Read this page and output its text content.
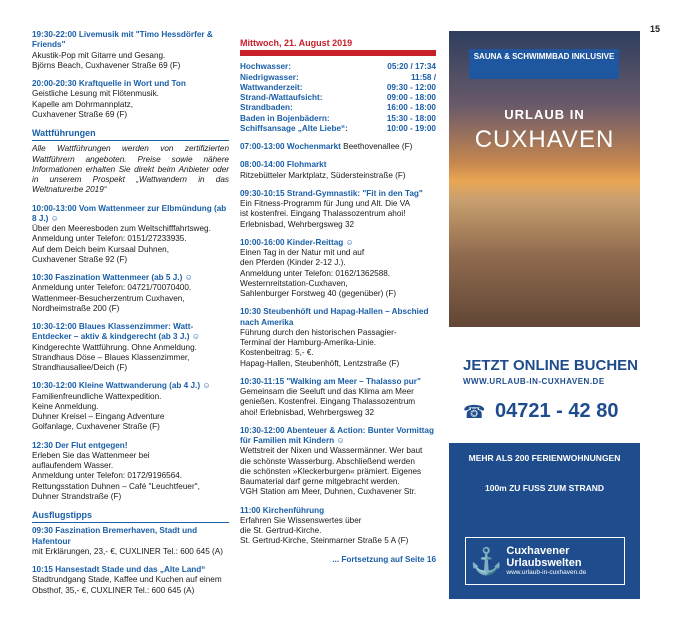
15
19:30-22:00 Livemusik mit "Timo Hessdörfer & Friends"
Akustik-Pop mit Gitarre und Gesang.
Björns Beach, Cuxhavener Straße 69 (F)
20:00-20:30 Kraftquelle in Wort und Ton
Geistliche Lesung mit Flötenmusik.
Kapelle am Dohrmannplatz,
Cuxhavener Straße 69 (F)
Wattführungen
Alle Wattführungen werden von zertifizierten Wattführern angeboten. Preise sowie nähere Informationen erhalten Sie direkt beim Anbieter oder in unserem Prospekt „Wattwandern in das Weltnaturerbe 2019“
10:00-13:00 Vom Wattenmeer zur Elbmündung (ab 8 J.) ☺
Über den Meeresboden zum Weltschifffahrtsweg.
Anmeldung unter Telefon: 0151/27233935.
Auf dem Deich beim Kursaal Duhnen,
Cuxhavener Straße 92 (F)
10:30 Faszination Wattenmeer (ab 5 J.) ☺
Anmeldung unter Telefon: 04721/70070400.
Wattenmeer-Besucherzentrum Cuxhaven,
Nordheimstraße 200 (F)
10:30-12:00 Blaues Klassenzimmer: Watt-Entdecker – aktiv & kindgerecht (ab 3 J.) ☺
Kindgerechte Wattführung. Ohne Anmeldung.
Strandhaus Döse – Blaues Klassenzimmer,
Strandhausallee/Deich (F)
10:30-12:00 Kleine Wattwanderung (ab 4 J.) ☺
Familienfreundliche Wattexpedition.
Keine Anmeldung.
Duhner Kreisel – Eingang Adventure
Golfanlage, Cuxhavener Straße (F)
12:30 Der Flut entgegen!
Erleben Sie das Wattenmeer bei
auflaufendem Wasser.
Anmeldung unter Telefon: 0172/9196564.
Rettungsstation Duhnen – Café "Leuchtfeuer",
Duhner Strandstraße (F)
Ausflugstipps
09:30 Faszination Bremerhaven, Stadt und Hafentour
mit Erklärungen, 23,- €, CUXLINER Tel.: 600 645 (A)
10:15 Hansestadt Stade und das „Alte Land“
Stadtrundgang Stade, Kaffee und Kuchen auf einem
Obsthof, 35,- €, CUXLINER Tel.: 600 645 (A)
Mittwoch, 21. August 2019
Hochwasser:	05:20 / 17:34
Niedrigwasser:	11:58 /
Wattwanderzeit:	09:30 - 12:00
Strand-/Wattaufsicht:	09:00 - 18:00
Strandbaden:	16:00 - 18:00
Baden in Bojenbädern:	15:30 - 18:00
Schiffsansage „Alte Liebe“:	10:00 - 19:00
07:00-13:00 Wochenmarkt Beethovenallee (F)
08:00-14:00 Flohmarkt
Ritzebütteler Marktplatz, Südersteinstraße (F)
09:30-10:15 Strand-Gymnastik: "Fit in den Tag"
Ein Fitness-Programm für Jung und Alt. Die VA
ist kostenfrei. Eingang Thalassozentrum ahoi!
Erlebnisbad, Wehrbergsweg 32
10:00-16:00 Kinder-Reittag ☺
Einen Tag in der Natur mit und auf
den Pferden (Kinder 2-12 J.).
Anmeldung unter Telefon: 0162/1362588.
Westernreitstation-Cuxhaven,
Sahlenburger Forstweg 40 (gegenüber) (F)
10:30 Steubenhöft und Hapag-Hallen – Abschied nach Amerika
Führung durch den historischen Passagier-
Terminal der Hamburg-Amerika-Linie.
Kostenbeitrag: 5,- €.
Hapag-Hallen, Steubenhöft, Lentzstraße (F)
10:30-11:15 "Walking am Meer – Thalasso pur"
Gemeinsam die Seeluft und das Klima am Meer
genießen. Kostenfrei. Eingang Thalassozentrum
ahoi! Erlebnisbad, Wehrbergsweg 32
10:30-12:00 Abenteuer & Action: Bunter Vormittag für Familien mit Kindern ☺
Wettstreit der Nixen und Wassermänner. Wer baut
die schönste Wasserburg. Abschließend werden
die schönsten »Kleckerburgen« prämiert. Eigenes
Baumaterial darf gerne mitgebracht werden.
VGH Station am Meer, Duhnen, Cuxhavener Str.
11:00 Kirchenführung
Erfahren Sie Wissenswertes über
die St. Gertrud-Kirche.
St. Gertrud-Kirche, Steinmarner Straße 5 A (F)
... Fortsetzung auf Seite 16
SAUNA & SCHWIMMBAD INKLUSIVE
URLAUB IN
CUXHAVEN
MEHR ALS 200 FERIENWOHNUNGEN
100m ZU FUSS ZUM STRAND
⚓ Cuxhavener
Urlaubswelten
www.urlaub-in-cuxhaven.de
JETZT ONLINE BUCHEN
WWW.URLAUB-IN-CUXHAVEN.DE
☎ 04721 - 42 80
